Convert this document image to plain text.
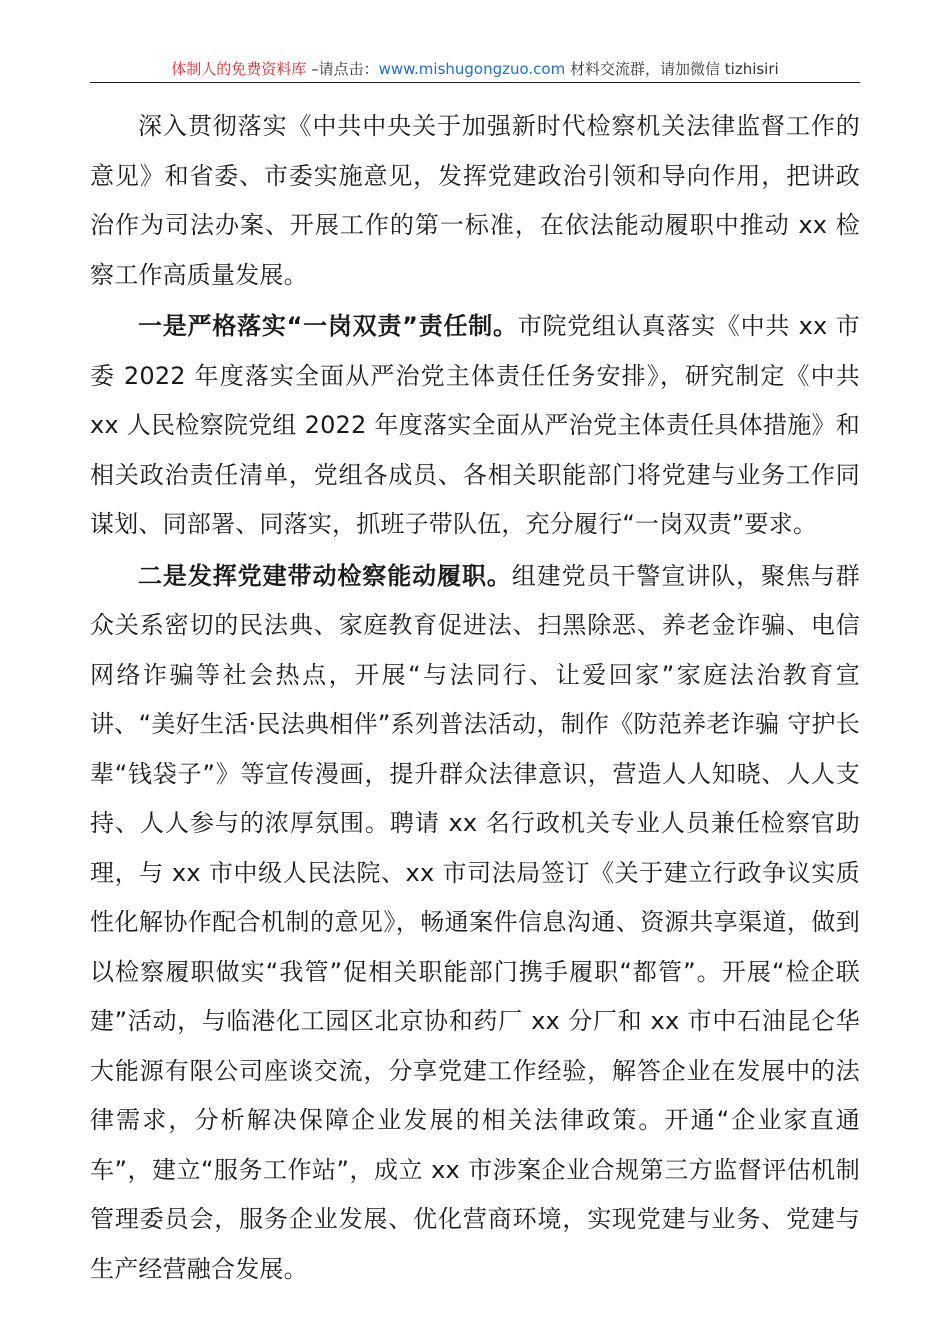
体制人的免费资料库 –请点击：www.mishugongzuo.com 材料交流群，请加微信 tizhisiri

深入贯彻落实《中共中央关于加强新时代检察机关法律监督工作的意见》和省委、市委实施意见，发挥党建政治引领和导向作用，把讲政治作为司法办案、开展工作的第一标准，在依法能动履职中推动 xx 检察工作高质量发展。

一是严格落实“一岗双责”责任制。市院党组认真落实《中共 xx 市委 2022 年度落实全面从严治党主体责任任务安排》，研究制定《中共 xx 人民检察院党组 2022 年度落实全面从严治党主体责任具体措施》和相关政治责任清单，党组各成员、各相关职能部门将党建与业务工作同谋划、同部署、同落实，抓班子带队伍，充分履行“一岗双责”要求。

二是发挥党建带动检察能动履职。组建党员干警宣讲队，聚焦与群众关系密切的民法典、家庭教育促进法、扫黑除恶、养老金诈骗、电信网络诈骗等社会热点，开展“与法同行、让爱回家”家庭法治教育宣讲、“美好生活·民法典相伴”系列普法活动，制作《防范养老诈骗 守护长辈“钱袋子”》等宣传漫画，提升群众法律意识，营造人人知晓、人人支持、人人参与的浓厚氛围。聘请 xx 名行政机关专业人员兼任检察官助理，与 xx 市中级人民法院、xx 市司法局签订《关于建立行政争议实质性化解协作配合机制的意见》，畅通案件信息沟通、资源共享渠道，做到以检察履职做实“我管”促相关职能部门携手履职“都管”。开展“检企联建”活动，与临港化工园区北京协和药厂 xx 分厂和 xx 市中石油昆仑华大能源有限公司座谈交流，分享党建工作经验，解答企业在发展中的法律需求，分析解决保障企业发展的相关法律政策。开通“企业家直通车”，建立“服务工作站”，成立 xx 市涉案企业合规第三方监督评估机制管理委员会，服务企业发展、优化营商环境，实现党建与业务、党建与生产经营融合发展。
